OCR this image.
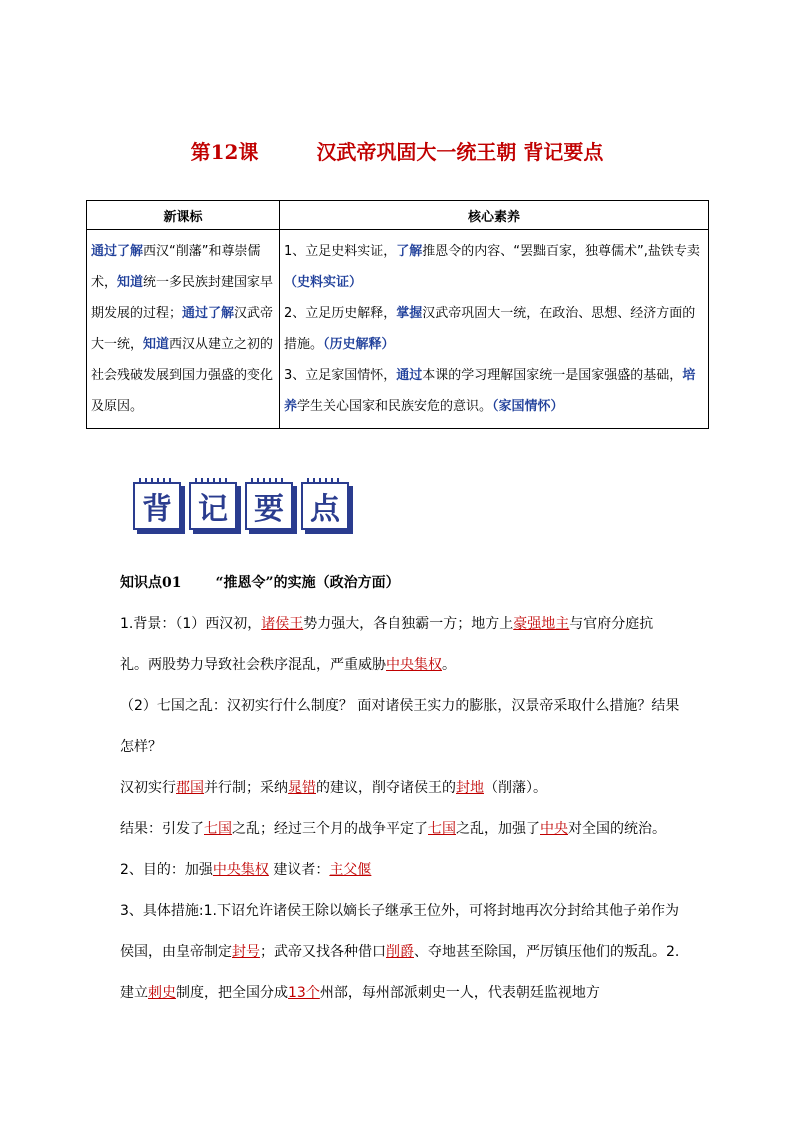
第12课	汉武帝巩固大一统王朝 背记要点
新课标	核心素养
通过了解西汉“削藩”和尊崇儒术，知道统一多民族封建国家早期发展的过程；通过了解汉武帝大一统，知道西汉从建立之初的社会残破发展到国力强盛的变化及原因。	1、立足史料实证，了解推恩令的内容、“罢黜百家，独尊儒术”,盐铁专卖（史料实证）
2、立足历史解释，掌握汉武帝巩固大一统，在政治、思想、经济方面的措施。（历史解释）
3、立足家国情怀，通过本课的学习理解国家统一是国家强盛的基础，培养学生关心国家和民族安危的意识。（家国情怀）
背 记 要 点

知识点01 “推恩令”的实施（政治方面）

1.背景：（1）西汉初，诸侯王势力强大，各自独霸一方；地方上豪强地主与官府分庭抗礼。两股势力导致社会秩序混乱，严重威胁中央集权。

（2）七国之乱：汉初实行什么制度？ 面对诸侯王实力的膨胀，汉景帝采取什么措施？结果怎样？

汉初实行郡国并行制；采纳晁错的建议，削夺诸侯王的封地（削藩）。

结果：引发了七国之乱；经过三个月的战争平定了七国之乱，加强了中央对全国的统治。

2、目的：加强中央集权 建议者：主父偃

3、具体措施:1.下诏允许诸侯王除以嫡长子继承王位外，可将封地再次分封给其他子弟作为侯国，由皇帝制定封号；武帝又找各种借口削爵、夺地甚至除国，严厉镇压他们的叛乱。2.建立刺史制度，把全国分成13个州部，每州部派刺史一人，代表朝廷监视地方
